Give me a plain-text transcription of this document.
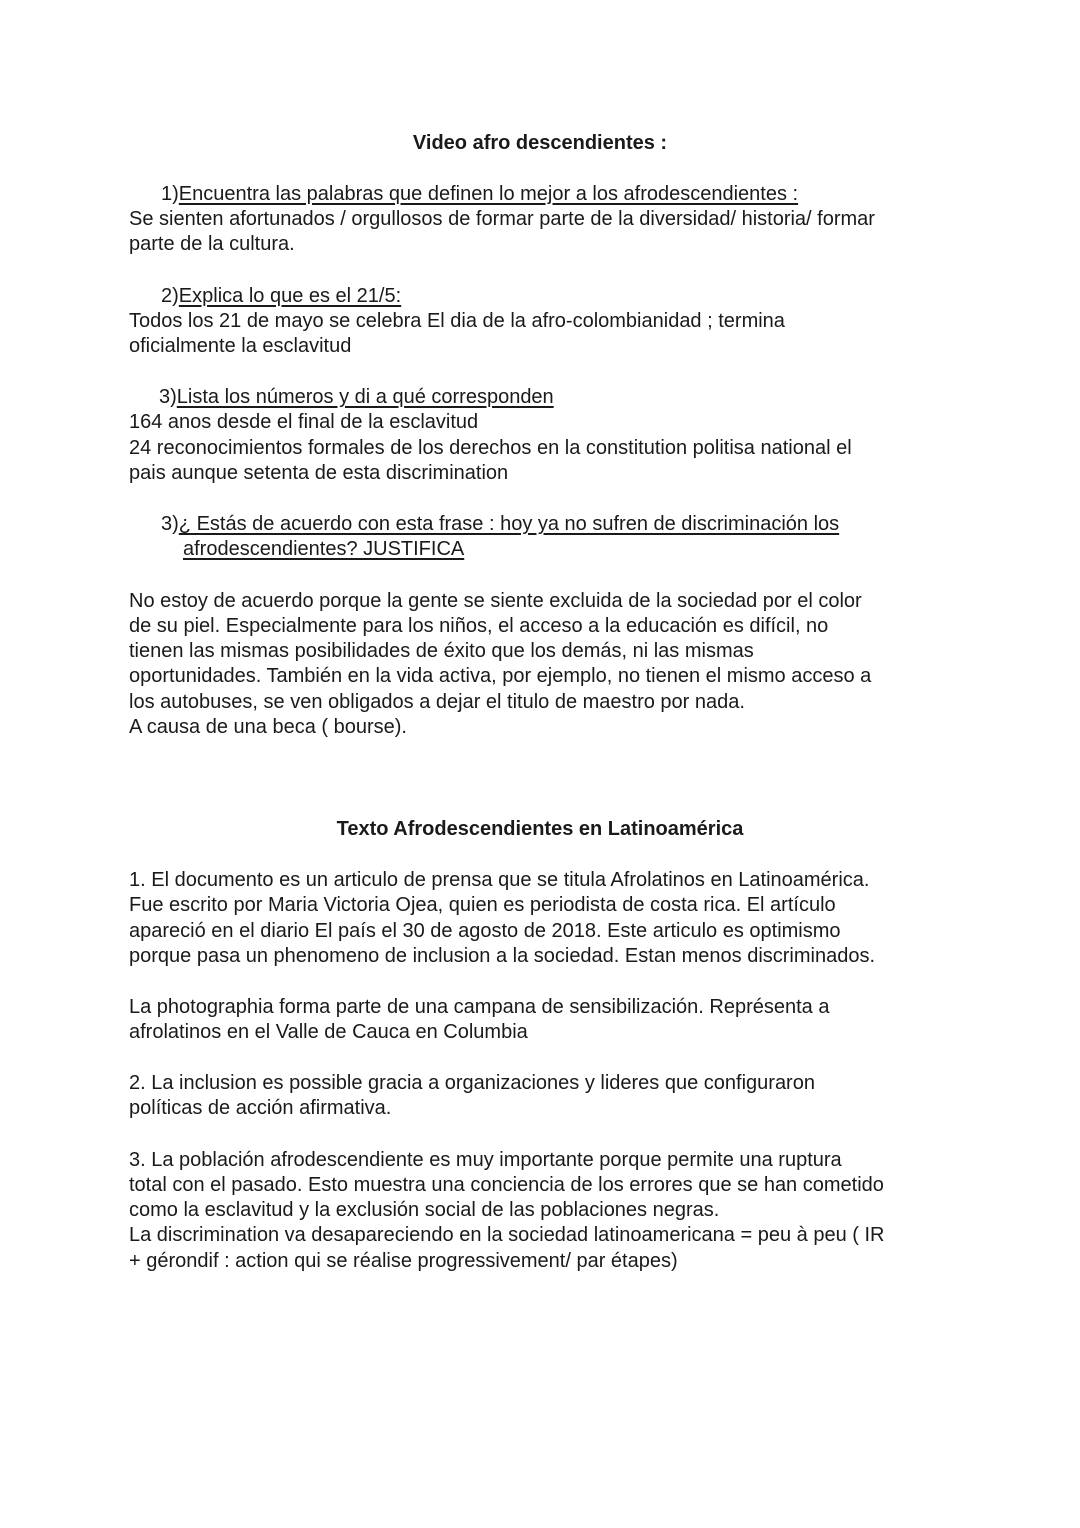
Video afro descendientes :
1)Encuentra las palabras que definen lo mejor a los afrodescendientes :
Se sienten afortunados / orgullosos de formar parte de la diversidad/ historia/ formar
parte de la cultura.
2)Explica lo que es el 21/5:
Todos los 21 de mayo se celebra El dia de la afro-colombianidad ; termina
oficialmente la esclavitud
3)Lista los números y di a qué corresponden
164 anos desde el final de la esclavitud
24 reconocimientos formales de los derechos en la constitution politisa national el
pais aunque setenta de esta discrimination
3)¿ Estás de acuerdo con esta frase : hoy ya no sufren de discriminación los
afrodescendientes? JUSTIFICA
No estoy de acuerdo porque la gente se siente excluida de la sociedad por el color
de su piel. Especialmente para los niños, el acceso a la educación es difícil, no
tienen las mismas posibilidades de éxito que los demás, ni las mismas
oportunidades. También en la vida activa, por ejemplo, no tienen el mismo acceso a
los autobuses, se ven obligados a dejar el titulo de maestro por nada.
A causa de una beca ( bourse).
Texto Afrodescendientes en Latinoamérica
1. El documento es un articulo de prensa que se titula Afrolatinos en Latinoamérica.
Fue escrito por Maria Victoria Ojea, quien es periodista de costa rica. El artículo
apareció en el diario El país el 30 de agosto de 2018. Este articulo es optimismo
porque pasa un phenomeno de inclusion a la sociedad. Estan menos discriminados.
La photographia forma parte de una campana de sensibilización. Représenta a
afrolatinos en el Valle de Cauca en Columbia
2. La inclusion es possible gracia a organizaciones y lideres que configuraron
políticas de acción afirmativa.
3. La población afrodescendiente es muy importante porque permite una ruptura
total con el pasado. Esto muestra una conciencia de los errores que se han cometido
como la esclavitud y la exclusión social de las poblaciones negras.
La discrimination va desapareciendo en la sociedad latinoamericana = peu à peu ( IR
+ gérondif : action qui se réalise progressivement/ par étapes)
